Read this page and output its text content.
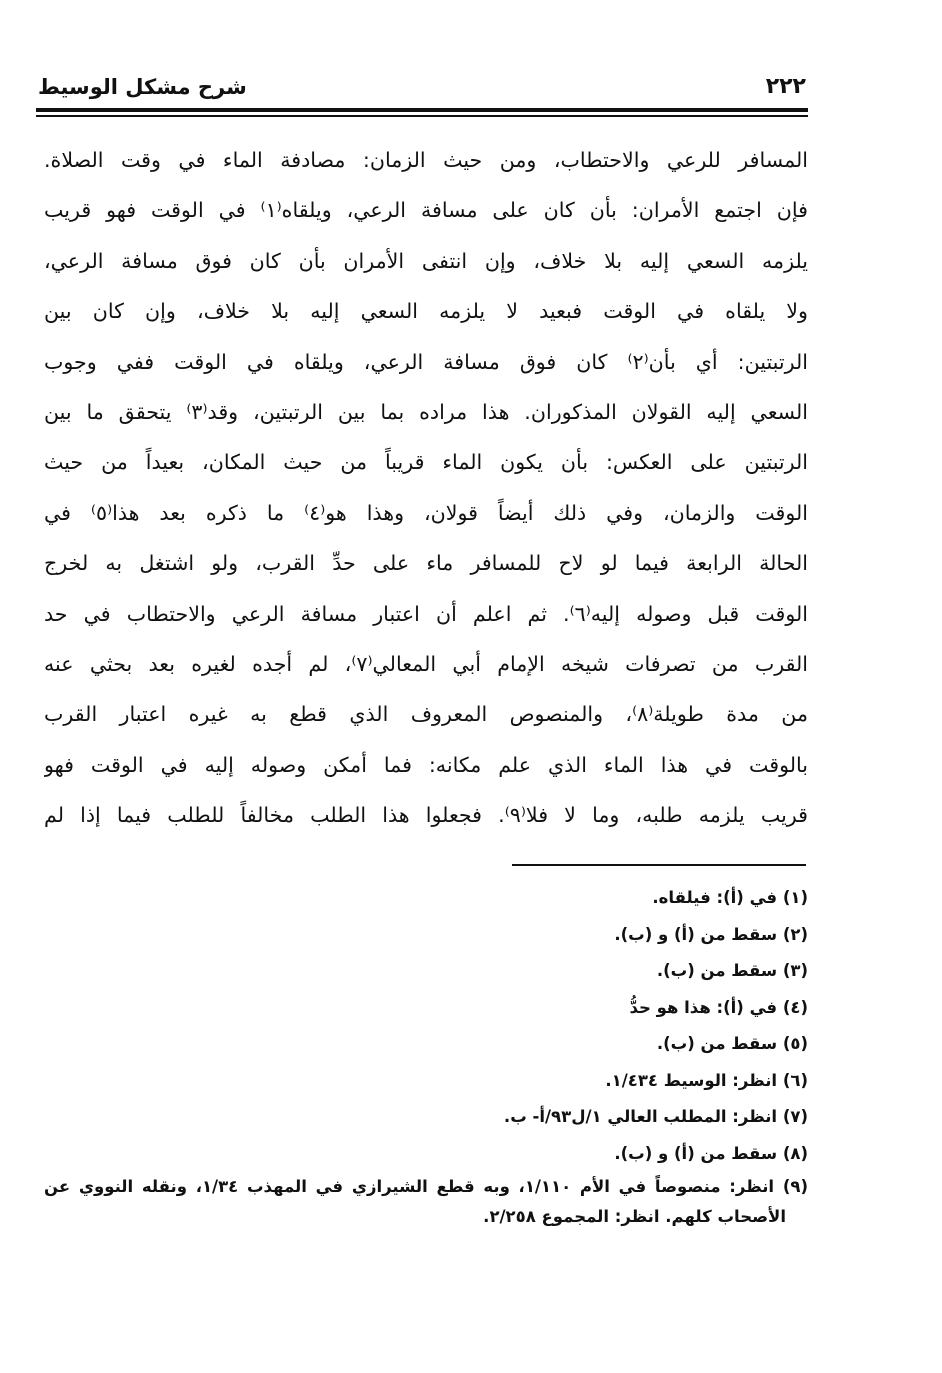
٢٢٢
شرح مشكل الوسيط
المسافر للرعي والاحتطاب، ومن حيث الزمان: مصادفة الماء في وقت الصلاة.
فإن اجتمع الأمران: بأن كان على مسافة الرعي، ويلقاه⁽١⁾ في الوقت فهو قريب
يلزمه السعي إليه بلا خلاف، وإن انتفى الأمران بأن كان فوق مسافة الرعي،
ولا يلقاه في الوقت فبعيد لا يلزمه السعي إليه بلا خلاف، وإن كان بين
الرتبتين: أي بأن⁽٢⁾ كان فوق مسافة الرعي، ويلقاه في الوقت ففي وجوب
السعي إليه القولان المذكوران. هذا مراده بما بين الرتبتين، وقد⁽٣⁾ يتحقق ما بين
الرتبتين على العكس: بأن يكون الماء قريباً من حيث المكان، بعيداً من حيث
الوقت والزمان، وفي ذلك أيضاً قولان، وهذا هو⁽٤⁾ ما ذكره بعد هذا⁽٥⁾ في
الحالة الرابعة فيما لو لاح للمسافر ماء على حدِّ القرب، ولو اشتغل به لخرج
الوقت قبل وصوله إليه⁽٦⁾. ثم اعلم أن اعتبار مسافة الرعي والاحتطاب في حد
القرب من تصرفات شيخه الإمام أبي المعالي⁽٧⁾، لم أجده لغيره بعد بحثي عنه
من مدة طويلة⁽٨⁾، والمنصوص المعروف الذي قطع به غيره اعتبار القرب
بالوقت في هذا الماء الذي علم مكانه: فما أمكن وصوله إليه في الوقت فهو
قريب يلزمه طلبه، وما لا فلا⁽٩⁾. فجعلوا هذا الطلب مخالفاً للطلب فيما إذا لم
(١) في (أ): فيلقاه.
(٢) سقط من (أ) و (ب).
(٣) سقط من (ب).
(٤) في (أ): هذا هو حدُّ
(٥) سقط من (ب).
(٦) انظر: الوسيط ١/٤٣٤.
(٧) انظر: المطلب العالي ١/ل٩٣/أ- ب.
(٨) سقط من (أ) و (ب).
(٩) انظر: منصوصاً في الأم ١/١١٠، وبه قطع الشيرازي في المهذب ١/٣٤، ونقله النووي عن
الأصحاب كلهم. انظر: المجموع ٢/٢٥٨.
